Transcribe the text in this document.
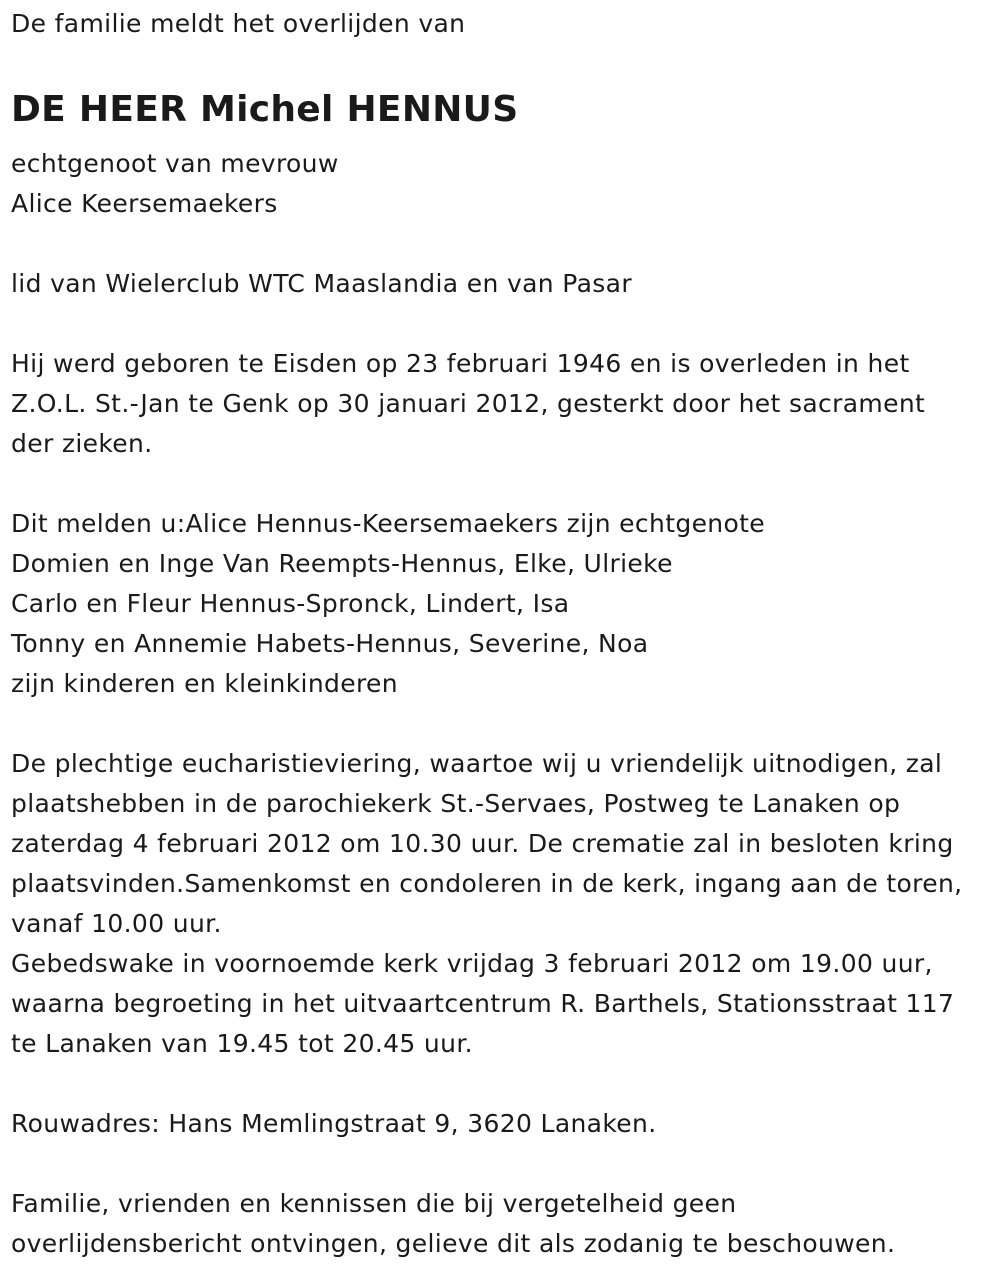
De familie meldt het overlijden van
DE HEER Michel HENNUS
echtgenoot van mevrouw
Alice Keersemaekers
lid van Wielerclub WTC Maaslandia en van Pasar
Hij werd geboren te Eisden op 23 februari 1946 en is overleden in het
Z.O.L. St.-Jan te Genk op 30 januari 2012, gesterkt door het sacrament
der zieken.
Dit melden u:Alice Hennus-Keersemaekers zijn echtgenote
Domien en Inge Van Reempts-Hennus, Elke, Ulrieke
Carlo en Fleur Hennus-Spronck, Lindert, Isa
Tonny en Annemie Habets-Hennus, Severine, Noa
zijn kinderen en kleinkinderen
De plechtige eucharistieviering, waartoe wij u vriendelijk uitnodigen, zal
plaatshebben in de parochiekerk St.-Servaes, Postweg te Lanaken op
zaterdag 4 februari 2012 om 10.30 uur. De crematie zal in besloten kring
plaatsvinden.Samenkomst en condoleren in de kerk, ingang aan de toren,
vanaf 10.00 uur.
Gebedswake in voornoemde kerk vrijdag 3 februari 2012 om 19.00 uur,
waarna begroeting in het uitvaartcentrum R. Barthels, Stationsstraat 117
te Lanaken van 19.45 tot 20.45 uur.
Rouwadres: Hans Memlingstraat 9, 3620 Lanaken.
Familie, vrienden en kennissen die bij vergetelheid geen
overlijdensbericht ontvingen, gelieve dit als zodanig te beschouwen.
